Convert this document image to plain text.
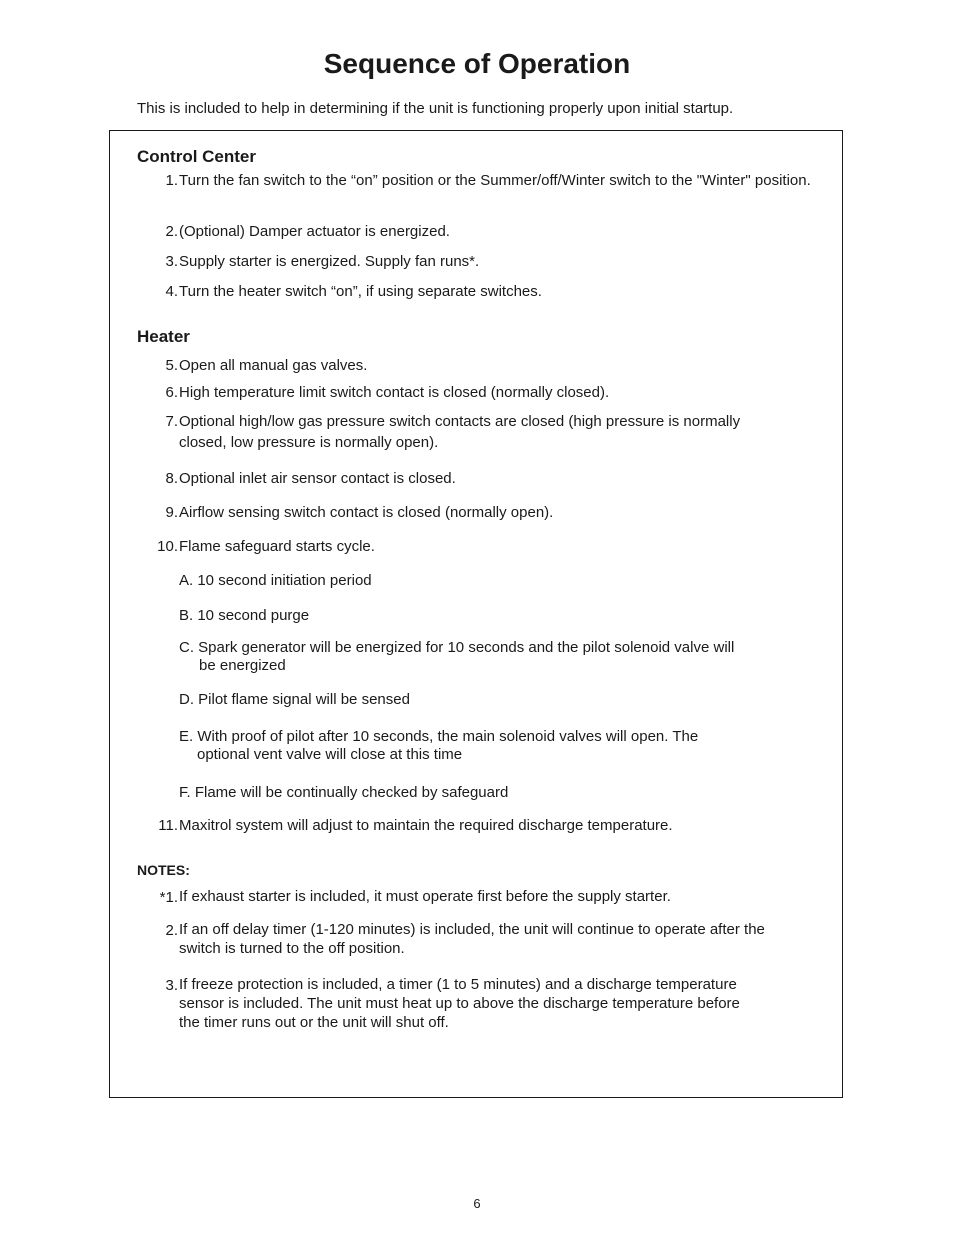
Sequence of Operation

This is included to help in determining if the unit is functioning properly upon initial startup.

Control Center
1. Turn the fan switch to the “on” position or the Summer/off/Winter switch to the "Winter" position.
2. (Optional) Damper actuator is energized.
3. Supply starter is energized. Supply fan runs*.
4. Turn the heater switch “on”, if using separate switches.
Heater
5. Open all manual gas valves.
6. High temperature limit switch contact is closed (normally closed).
7. Optional high/low gas pressure switch contacts are closed (high pressure is normally closed, low pressure is normally open).
8. Optional inlet air sensor contact is closed.
9. Airflow sensing switch contact is closed (normally open).
10. Flame safeguard starts cycle.
A. 10 second initiation period
B. 10 second purge
C. Spark generator will be energized for 10 seconds and the pilot solenoid valve will
be energized
D. Pilot flame signal will be sensed
E. With proof of pilot after 10 seconds, the main solenoid valves will open. The
optional vent valve will close at this time
F. Flame will be continually checked by safeguard
11. Maxitrol system will adjust to maintain the required discharge temperature.
NOTES:
*1. If exhaust starter is included, it must operate first before the supply starter.
2. If an off delay timer (1-120 minutes) is included, the unit will continue to operate after the switch is turned to the off position.
3. If freeze protection is included, a timer (1 to 5 minutes) and a discharge temperature sensor is included. The unit must heat up to above the discharge temperature before the timer runs out or the unit will shut off.

6
